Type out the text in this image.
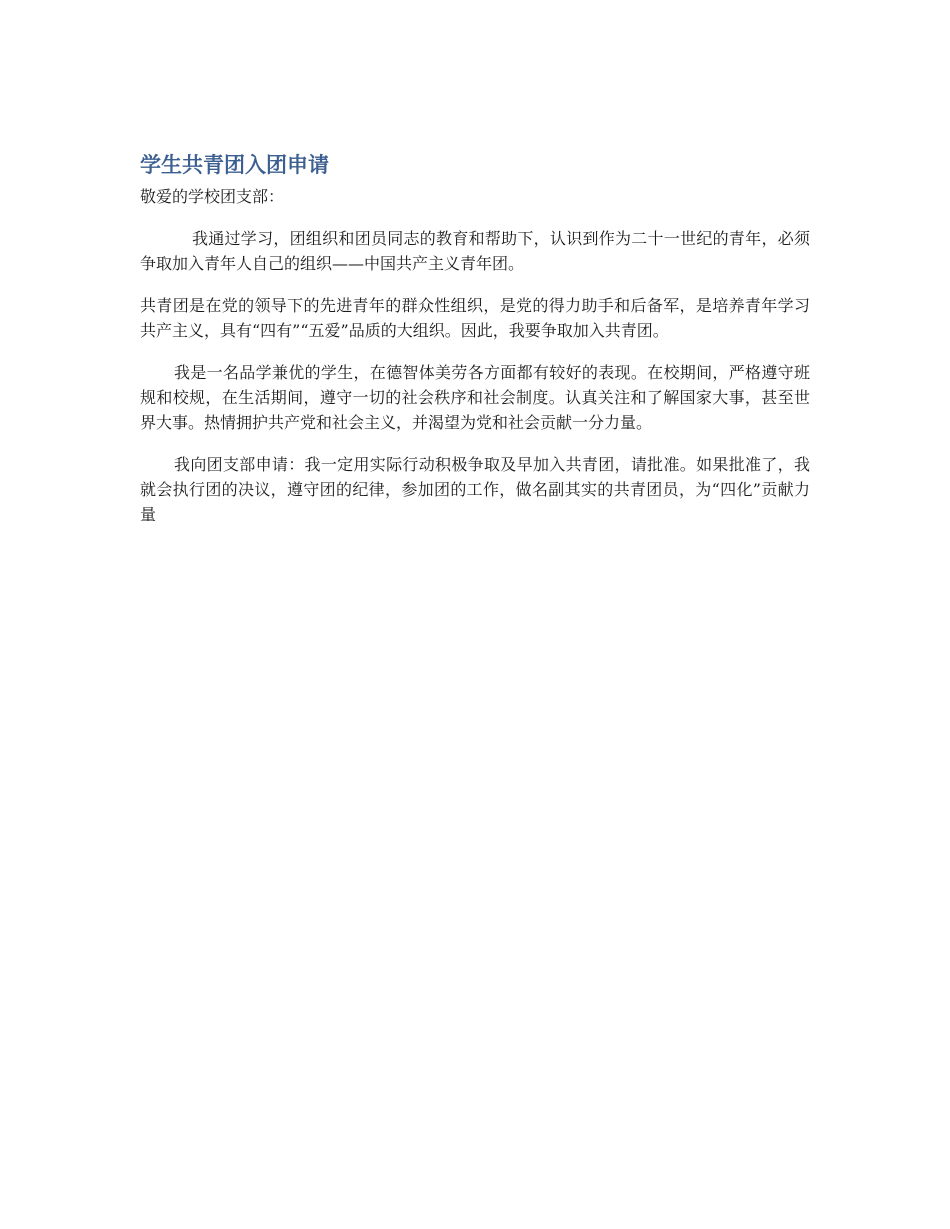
学生共青团入团申请

敬爱的学校团支部：

我通过学习，团组织和团员同志的教育和帮助下，认识到作为二十一世纪的青年，必须争取加入青年人自己的组织——中国共产主义青年团。

共青团是在党的领导下的先进青年的群众性组织，是党的得力助手和后备军，是培养青年学习共产主义，具有“四有”“五爱”品质的大组织。因此，我要争取加入共青团。

我是一名品学兼优的学生，在德智体美劳各方面都有较好的表现。在校期间，严格遵守班规和校规，在生活期间，遵守一切的社会秩序和社会制度。认真关注和了解国家大事，甚至世界大事。热情拥护共产党和社会主义，并渴望为党和社会贡献一分力量。

我向团支部申请：我一定用实际行动积极争取及早加入共青团，请批准。如果批准了，我就会执行团的决议，遵守团的纪律，参加团的工作，做名副其实的共青团员，为“四化”贡献力量
